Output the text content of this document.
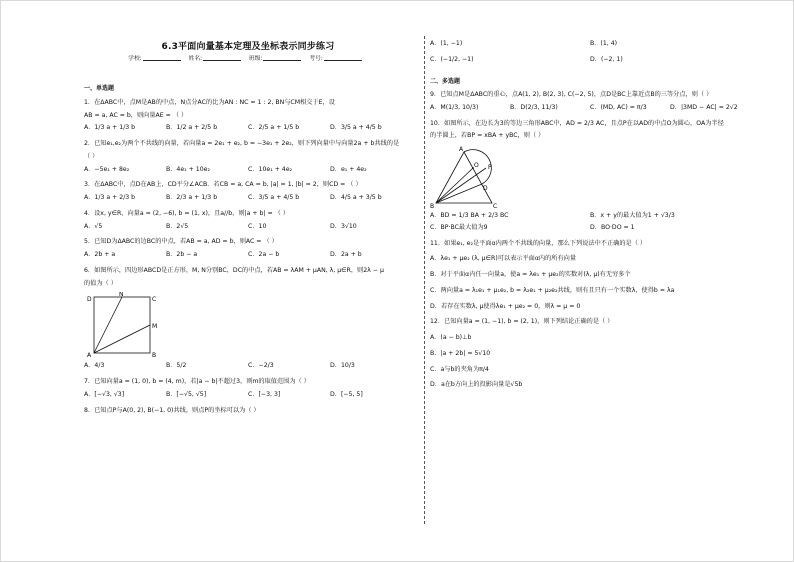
6.3平面向量基本定理及坐标表示同步练习
学校:	姓名:	班级:	考号:
一、单选题
1．在ΔABC中，点M是AB的中点，N点分AC的比为AN : NC = 1 : 2, BN与CM相交于E，设
AB = a, AC = b，则向量AE = （ ）
A．1/3 a + 1/3 b	B．1/2 a + 2/5 b	C．2/5 a + 1/5 b	D．3/5 a + 4/5 b
2．已知e₁,e₂为两个不共线的向量，若向量a = 2e₁ + e₂, b = −3e₁ + 2e₂，则下列向量中与向量2a + b共线的是
（ ）
A．−5e₁ + 8e₂	B．4e₁ + 10e₂	C．10e₁ + 4e₂	D．e₁ + 4e₂
3．在ΔABC中，点D在AB上，CD平分∠ACB．若CB = a, CA = b, |a| = 1, |b| = 2，则CD = （ ）
A．1/3 a + 2/3 b	B．2/3 a + 1/3 b	C．3/5 a + 4/5 b	D．4/5 a + 3/5 b
4．设x, y∈R，向量a = (2, −6), b = (1, x)，且a//b，则|a + b| = （ ）
A．√5	B．2√5	C．10	D．3√10
5．已知D为ΔABC的边BC的中点，若AB = a, AD = b，则AC = （ ）
A．2b + a	B．2b − a	C．2a − b	D．2a + b
6．如图所示，四边形ABCD是正方形，M, N分别BC，DC的中点，若AB = λAM + μAN, λ, μ∈R，则2λ − μ
的值为（ ）
D
N
C
M
A	B
A．4/3	B．5/2	C．−2/3	D．10/3
7．已知向量a = (1, 0), b = (4, m)，若|a − b|不超过3，则m的取值范围为（ ）
A．[−√3, √3]	B．[−√5, √5]	C．[−3, 3]	D．[−5, 5]
8．已知点P与A(0, 2), B(−1, 0)共线，则点P的坐标可以为（ ）
A．(1, −1)	B．(1, 4)
C．(−1/2, −1)	D．(−2, 1)
二、多选题
9．已知点M是ΔABC的重心，点A(1, 2), B(2, 3), C(−2, 5)，点D是BC上靠近点B的三等分点，则（ ）
A．M(1/3, 10/3)	B．D(2/3, 11/3)	C．(MD, AC) = π/3	D．|3MD − AC| = 2√2
10．如图所示，在边长为3的等边三角形ABC中，AD = 2/3 AC，且点P在以AD的中点O为圆心，OA为半径
的半圆上，若BP = xBA + yBC，则（ ）
A
O P
D
B	C
A．BD = 1/3 BA + 2/3 BC	B．x + y的最大值为1 + √3/3
C．BP·BC最大值为9	D．BO·DO = 1
11．如果e₁, e₂是平面α内两个不共线的向量，那么下列说法中不正确的是（ ）
A．λe₁ + μe₂ (λ, μ∈R)可以表示平面α内的所有向量
B．对于平面α内任一向量a，使a = λe₁ + μe₂的实数对(λ, μ)有无穷多个
C．两向量a = λ₁e₁ + μ₁e₂, b = λ₂e₁ + μ₂e₂共线，则有且只有一个实数λ，使得b = λa
D．若存在实数λ, μ使得λe₁ + μe₂ = 0，则λ = μ = 0
12．已知向量a = (1, −1), b = (2, 1)，则下列结论正确的是（ ）
A．(a − b)⊥b
B．|a + 2b| = 5√10
C．a与b的夹角为π/4
D．a在b方向上的投影向量是√5b
